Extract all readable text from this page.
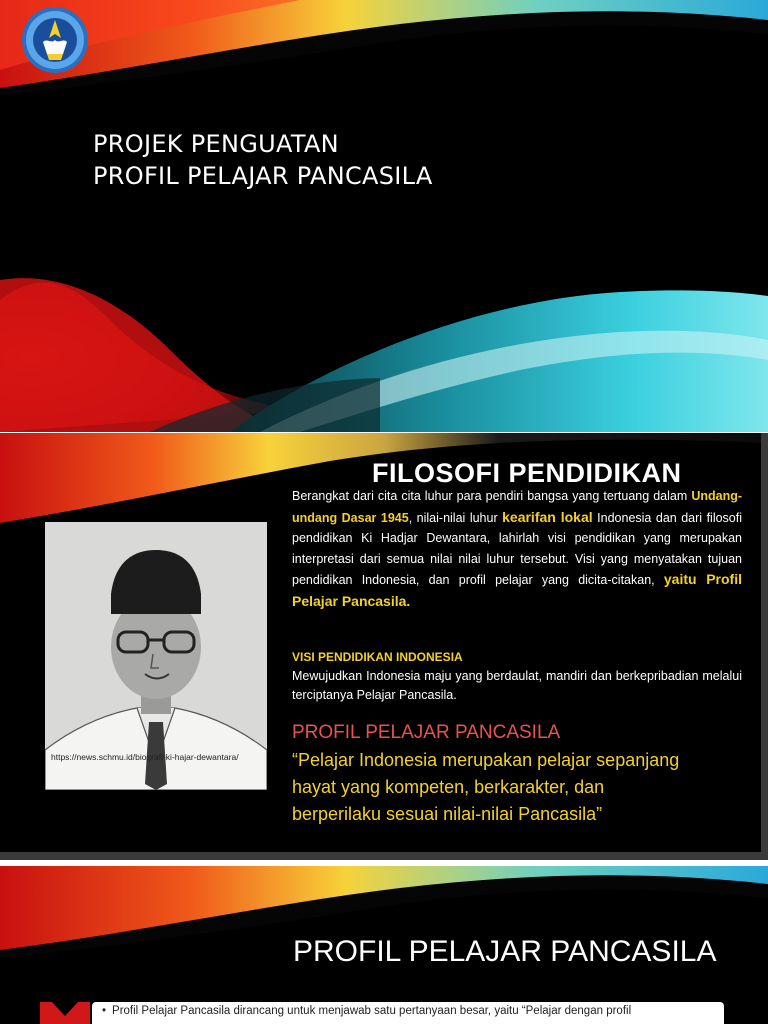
PROJEK PENGUATAN
PROFIL PELAJAR PANCASILA
https://news.schmu.id/biografi-ki-hajar-dewantara/
FILOSOFI PENDIDIKAN
Berangkat dari cita cita luhur para pendiri bangsa yang tertuang dalam Undang-undang Dasar 1945, nilai-nilai luhur kearifan lokal Indonesia dan dari filosofi pendidikan Ki Hadjar Dewantara, lahirlah visi pendidikan yang merupakan interpretasi dari semua nilai nilai luhur tersebut. Visi yang menyatakan tujuan pendidikan Indonesia, dan profil pelajar yang dicita-citakan, yaitu Profil Pelajar Pancasila.
VISI PENDIDIKAN INDONESIA
Mewujudkan Indonesia maju yang berdaulat, mandiri dan berkepribadian melalui terciptanya Pelajar Pancasila.
PROFIL PELAJAR PANCASILA
“Pelajar Indonesia merupakan pelajar sepanjang
hayat yang kompeten, berkarakter, dan
berperilaku sesuai nilai-nilai Pancasila”
PROFIL PELAJAR PANCASILA
• Profil Pelajar Pancasila dirancang untuk menjawab satu pertanyaan besar, yaitu “Pelajar dengan profil
